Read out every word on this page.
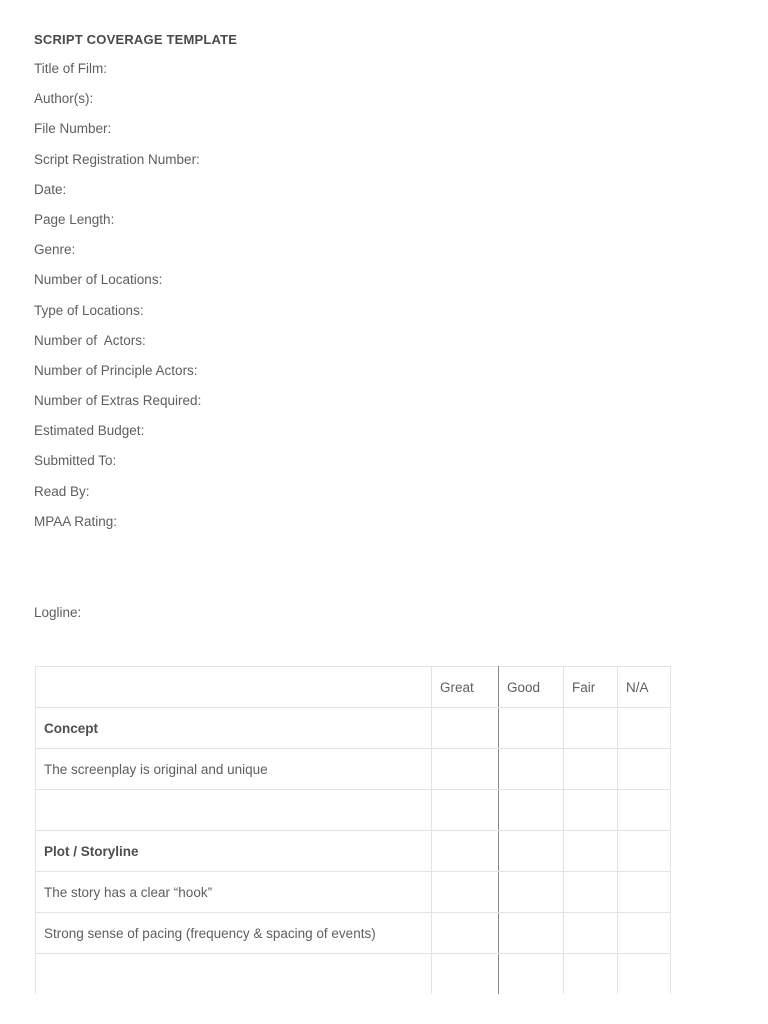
SCRIPT COVERAGE TEMPLATE
Title of Film:
Author(s):
File Number:
Script Registration Number:
Date:
Page Length:
Genre:
Number of Locations:
Type of Locations:
Number of  Actors:
Number of Principle Actors:
Number of Extras Required:
Estimated Budget:
Submitted To:
Read By:
MPAA Rating:
Logline:
	Great	Good	Fair	N/A
Concept				
The screenplay is original and unique				

Plot / Storyline				
The story has a clear “hook”				
Strong sense of pacing (frequency & spacing of events)				
